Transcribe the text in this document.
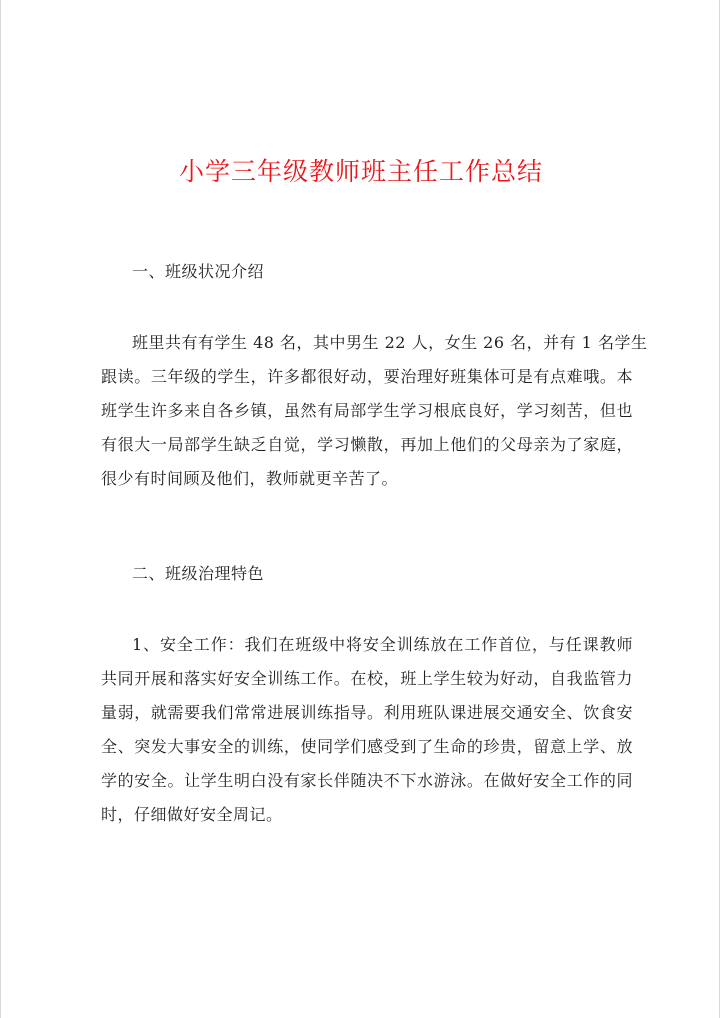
小学三年级教师班主任工作总结
一、班级状况介绍
班里共有有学生 48 名，其中男生 22 人，女生 26 名，并有 1 名学生
跟读。三年级的学生，许多都很好动，要治理好班集体可是有点难哦。本
班学生许多来自各乡镇，虽然有局部学生学习根底良好，学习刻苦，但也
有很大一局部学生缺乏自觉，学习懒散，再加上他们的父母亲为了家庭，
很少有时间顾及他们，教师就更辛苦了。
二、班级治理特色
1、安全工作：我们在班级中将安全训练放在工作首位，与任课教师
共同开展和落实好安全训练工作。在校，班上学生较为好动，自我监管力
量弱，就需要我们常常进展训练指导。利用班队课进展交通安全、饮食安
全、突发大事安全的训练，使同学们感受到了生命的珍贵，留意上学、放
学的安全。让学生明白没有家长伴随决不下水游泳。在做好安全工作的同
时，仔细做好安全周记。
